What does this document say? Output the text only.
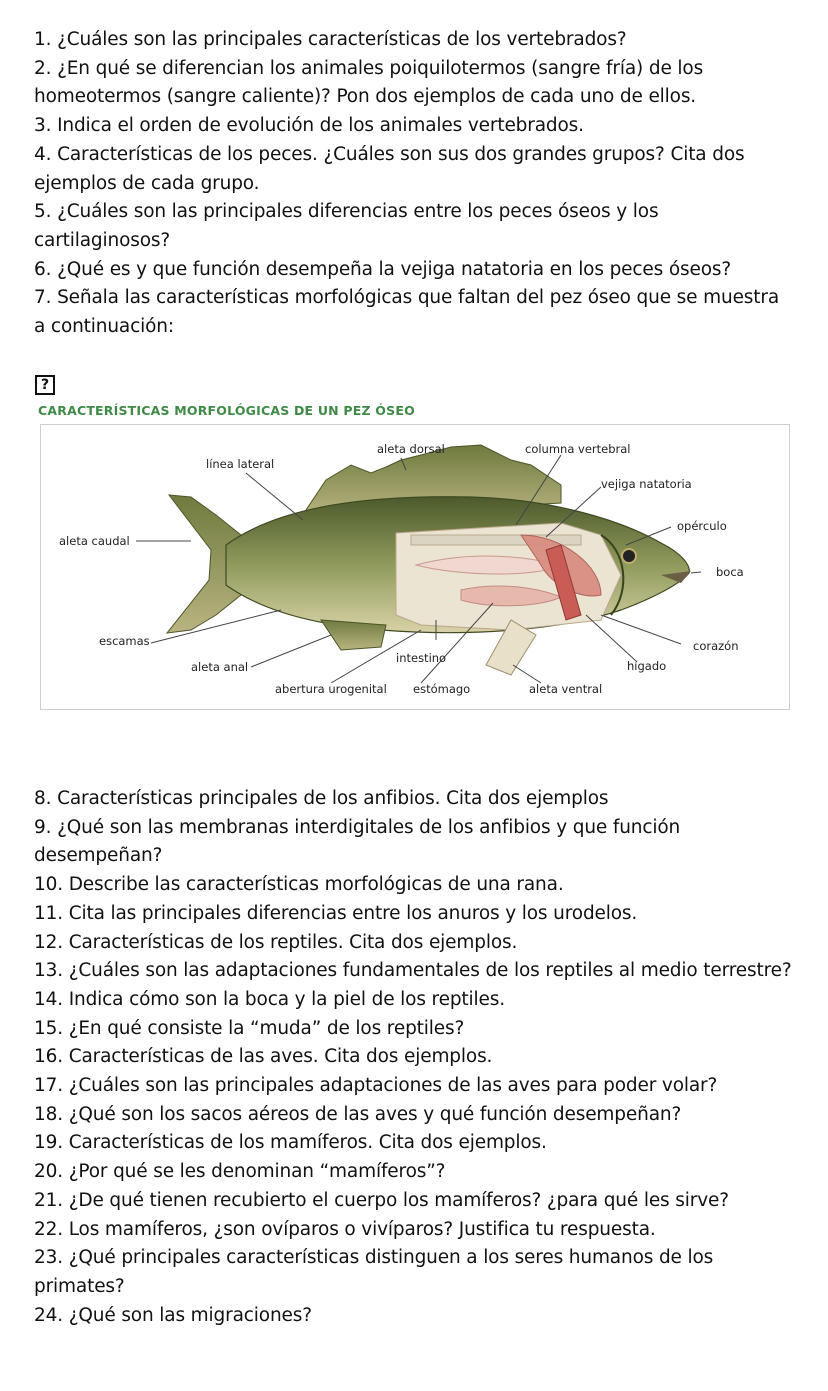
1. ¿Cuáles son las principales características de los vertebrados?

2. ¿En qué se diferencian los animales poiquilotermos (sangre fría) de los homeotermos (sangre caliente)? Pon dos ejemplos de cada uno de ellos.

3. Indica el orden de evolución de los animales vertebrados.

4. Características de los peces. ¿Cuáles son sus dos grandes grupos? Cita dos ejemplos de cada grupo.

5. ¿Cuáles son las principales diferencias entre los peces óseos y los cartilaginosos?

6. ¿Qué es y que función desempeña la vejiga natatoria en los peces óseos?

7. Señala las características morfológicas que faltan del pez óseo que se muestra a continuación:

?
CARACTERÍSTICAS MORFOLÓGICAS DE UN PEZ ÓSEO
línea lateral
aleta dorsal	columna vertebral
vejiga natatoria
opérculo
boca
aleta caudal
escamas
aleta anal
intestino
corazón
hígado
abertura urogenital estómago	aleta ventral

8. Características principales de los anfibios. Cita dos ejemplos

9. ¿Qué son las membranas interdigitales de los anfibios y que función desempeñan?

10. Describe las características morfológicas de una rana.

11. Cita las principales diferencias entre los anuros y los urodelos.

12. Características de los reptiles. Cita dos ejemplos.

13. ¿Cuáles son las adaptaciones fundamentales de los reptiles al medio terrestre?

14. Indica cómo son la boca y la piel de los reptiles.

15. ¿En qué consiste la “muda” de los reptiles?

16. Características de las aves. Cita dos ejemplos.

17. ¿Cuáles son las principales adaptaciones de las aves para poder volar?

18. ¿Qué son los sacos aéreos de las aves y qué función desempeñan?

19. Características de los mamíferos. Cita dos ejemplos.

20. ¿Por qué se les denominan “mamíferos”?

21. ¿De qué tienen recubierto el cuerpo los mamíferos? ¿para qué les sirve?

22. Los mamíferos, ¿son ovíparos o vivíparos? Justifica tu respuesta.

23. ¿Qué principales características distinguen a los seres humanos de los primates?

24. ¿Qué son las migraciones?
